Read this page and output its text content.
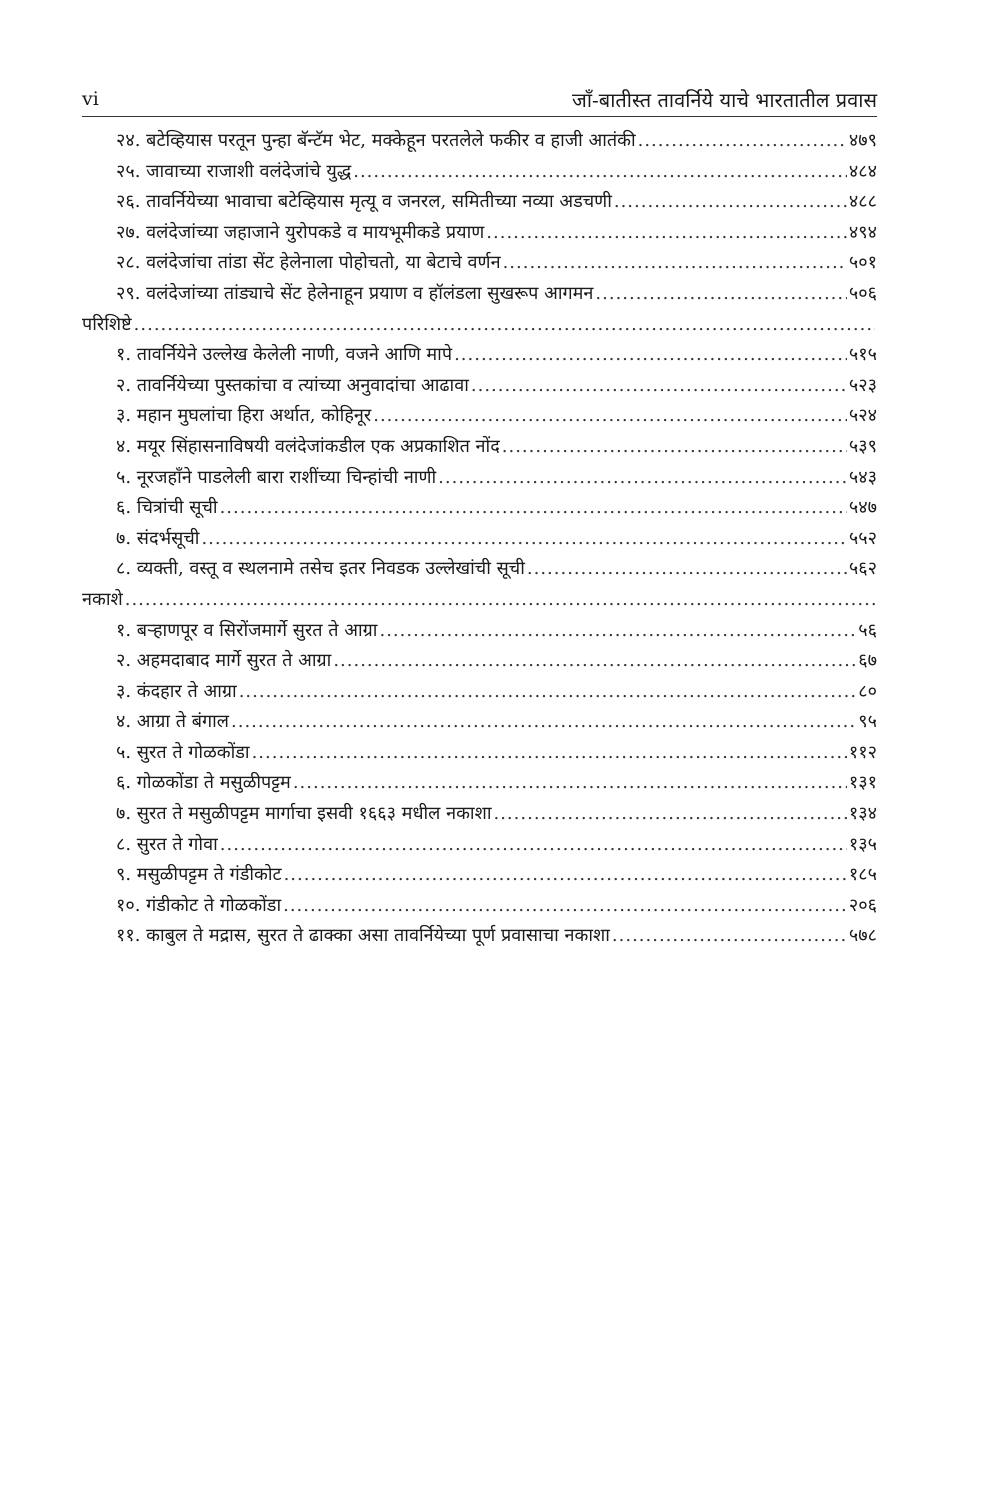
vi	जाँ-बातीस्त तावर्नियेे याचे भारतातील प्रवास
२४. बटेव्हियास परतून पुन्हा बॅन्टॅम भेट, मक्केहून परतलेले फकीर व हाजी आतंकी .....	४७९
२५. जावाच्या राजाशी वलंदेजांचे युद्ध .....	४८४
२६. तावर्नियेच्या भावाचा बटेव्हियास मृत्यू व जनरल, समितीच्या नव्या अडचणी .....	४८८
२७. वलंदेजांच्या जहाजाने युरोपकडे व मायभूमीकडे प्रयाण .....	४९४
२८. वलंदेजांचा तांडा सेंट हेलेनाला पोहोचतो, या बेटाचे वर्णन .....	५०१
२९. वलंदेजांच्या तांड्याचे सेंट हेलेनाहून प्रयाण व हॉलंडला सुखरूप आगमन .....	५०६
परिशिष्टे
.....
१. तावर्नियेने उल्लेख केलेली नाणी, वजने आणि मापे .....	५१५
२. तावर्नियेच्या पुस्तकांचा व त्यांच्या अनुवादांचा आढावा .....	५२३
३. महान मुघलांचा हिरा अर्थात, कोहिनूर .....	५२४
४. मयूर सिंहासनाविषयी वलंदेजांकडील एक अप्रकाशित नोंद .....	५३९
५. नूरजहाँने पाडलेली बारा राशींच्या चिन्हांची नाणी .....	५४३
६. चित्रांची सूची .....	५४७
७. संदर्भसूची .....	५५२
८. व्यक्ती, वस्तू व स्थलनामे तसेच इतर निवडक उल्लेखांची सूची .....	५६२
नकाशे
.....
१. बऱ्हाणपूर व सिरोंजमार्गे सुरत ते आग्रा .....	५६
२. अहमदाबाद मार्गे सुरत ते आग्रा .....	६७
३. कंदहार ते आग्रा .....	८०
४. आग्रा ते बंगाल .....	९५
५. सुरत ते गोळकोंडा .....	११२
६. गोळकोंडा ते मसुळीपट्टम .....	१३१
७. सुरत ते मसुळीपट्टम मार्गाचा इसवी १६६३ मधील नकाशा .....	१३४
८. सुरत ते गोवा .....	१३५
९. मसुळीपट्टम ते गंडीकोट .....	१८५
१०. गंडीकोट ते गोळकोंडा .....	२०६
११. काबुल ते मद्रास, सुरत ते ढाक्का असा तावर्नियेच्या पूर्ण प्रवासाचा नकाशा .....	५७८
